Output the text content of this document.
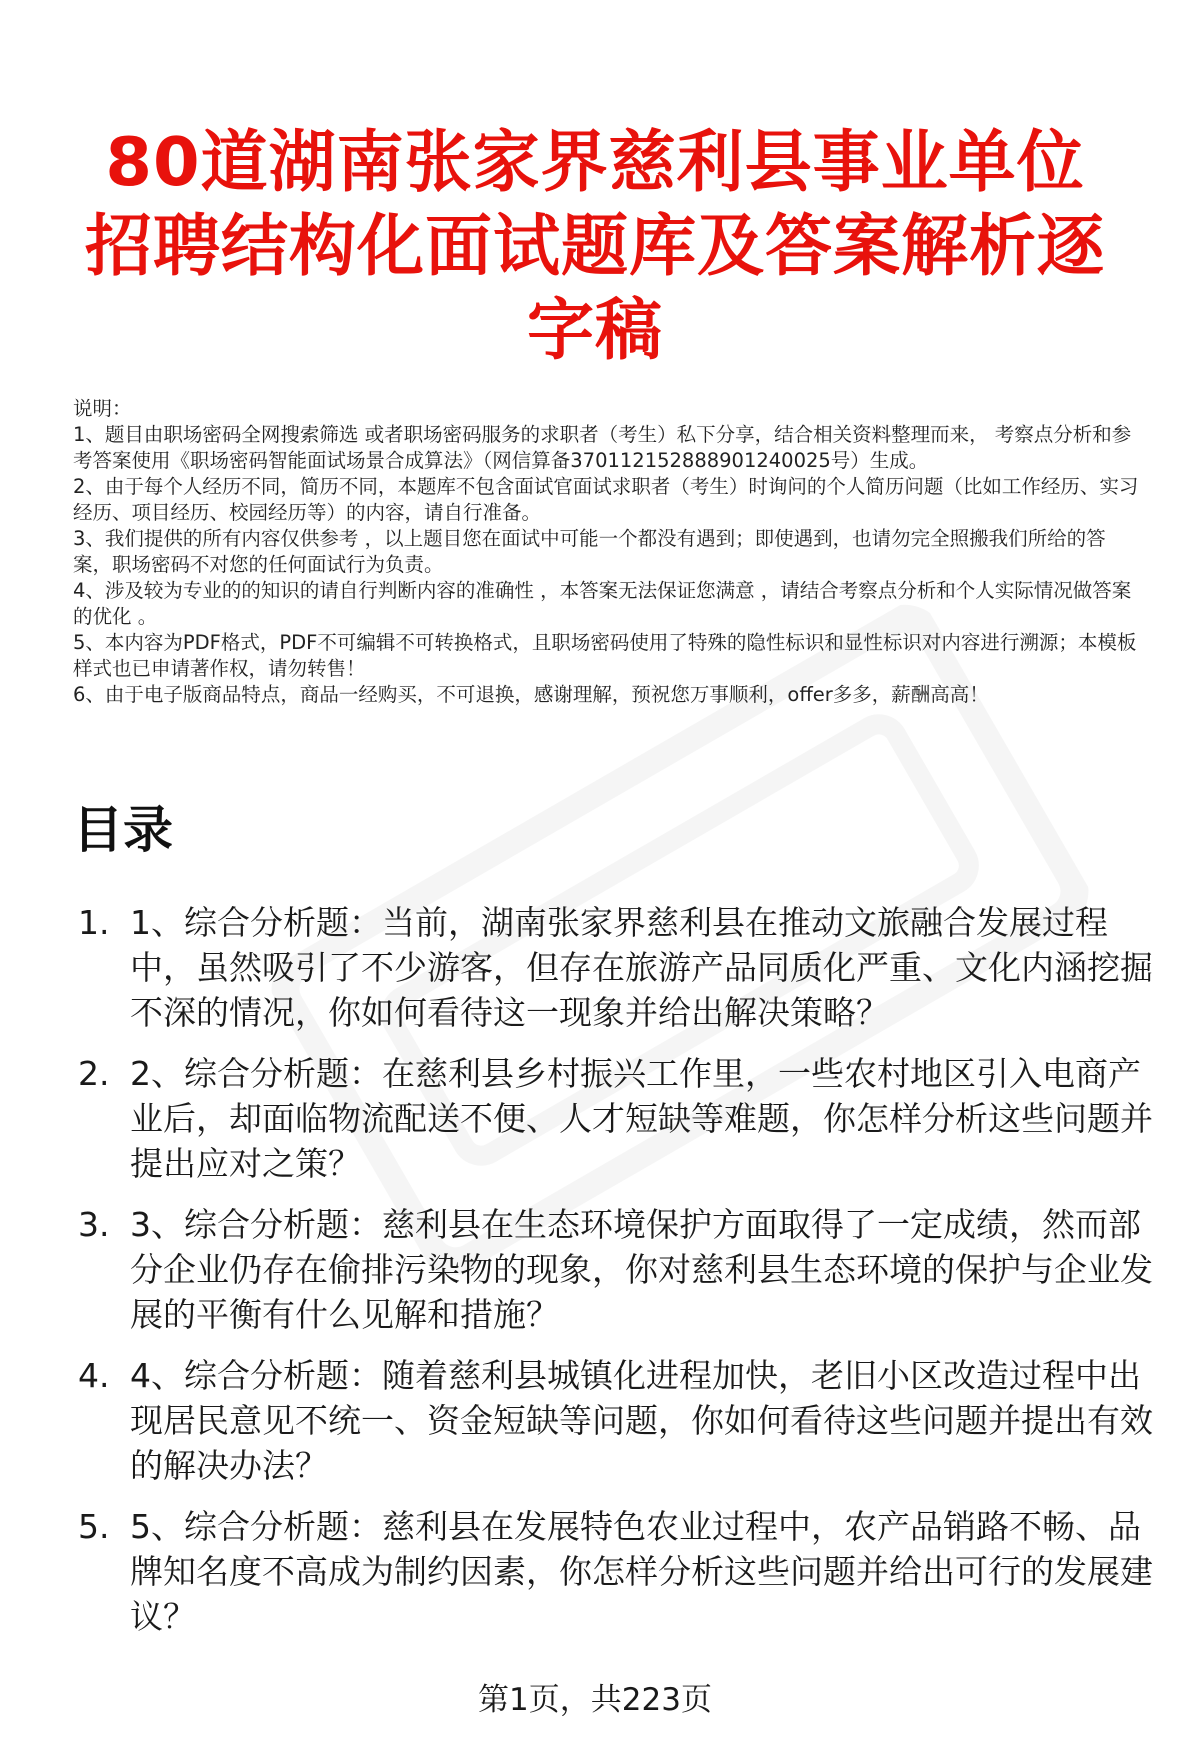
80道湖南张家界慈利县事业单位招聘结构化面试题库及答案解析逐字稿

说明：

1、题目由职场密码全网搜索筛选 或者职场密码服务的求职者（考生）私下分享，结合相关资料整理而来， 考察点分析和参考答案使用《职场密码智能面试场景合成算法》（网信算备370112152888901240025号）生成。

2、由于每个人经历不同，简历不同，本题库不包含面试官面试求职者（考生）时询问的个人简历问题（比如工作经历、实习经历、项目经历、校园经历等）的内容，请自行准备。

3、我们提供的所有内容仅供参考 ，以上题目您在面试中可能一个都没有遇到；即使遇到，也请勿完全照搬我们所给的答案，职场密码不对您的任何面试行为负责。

4、涉及较为专业的的知识的请自行判断内容的准确性 ，本答案无法保证您满意 ，请结合考察点分析和个人实际情况做答案的优化 。

5、本内容为PDF格式，PDF不可编辑不可转换格式，且职场密码使用了特殊的隐性标识和显性标识对内容进行溯源；本模板样式也已申请著作权，请勿转售！

6、由于电子版商品特点，商品一经购买，不可退换，感谢理解，预祝您万事顺利，offer多多，薪酬高高！

目录
1. 1、综合分析题：当前，湖南张家界慈利县在推动文旅融合发展过程中，虽然吸引了不少游客，但存在旅游产品同质化严重、文化内涵挖掘不深的情况，你如何看待这一现象并给出解决策略？
2. 2、综合分析题：在慈利县乡村振兴工作里，一些农村地区引入电商产业后，却面临物流配送不便、人才短缺等难题，你怎样分析这些问题并提出应对之策？
3. 3、综合分析题：慈利县在生态环境保护方面取得了一定成绩，然而部分企业仍存在偷排污染物的现象，你对慈利县生态环境的保护与企业发展的平衡有什么见解和措施？
4. 4、综合分析题：随着慈利县城镇化进程加快，老旧小区改造过程中出现居民意见不统一、资金短缺等问题，你如何看待这些问题并提出有效的解决办法？
5. 5、综合分析题：慈利县在发展特色农业过程中，农产品销路不畅、品牌知名度不高成为制约因素，你怎样分析这些问题并给出可行的发展建议？
第1页，共223页
